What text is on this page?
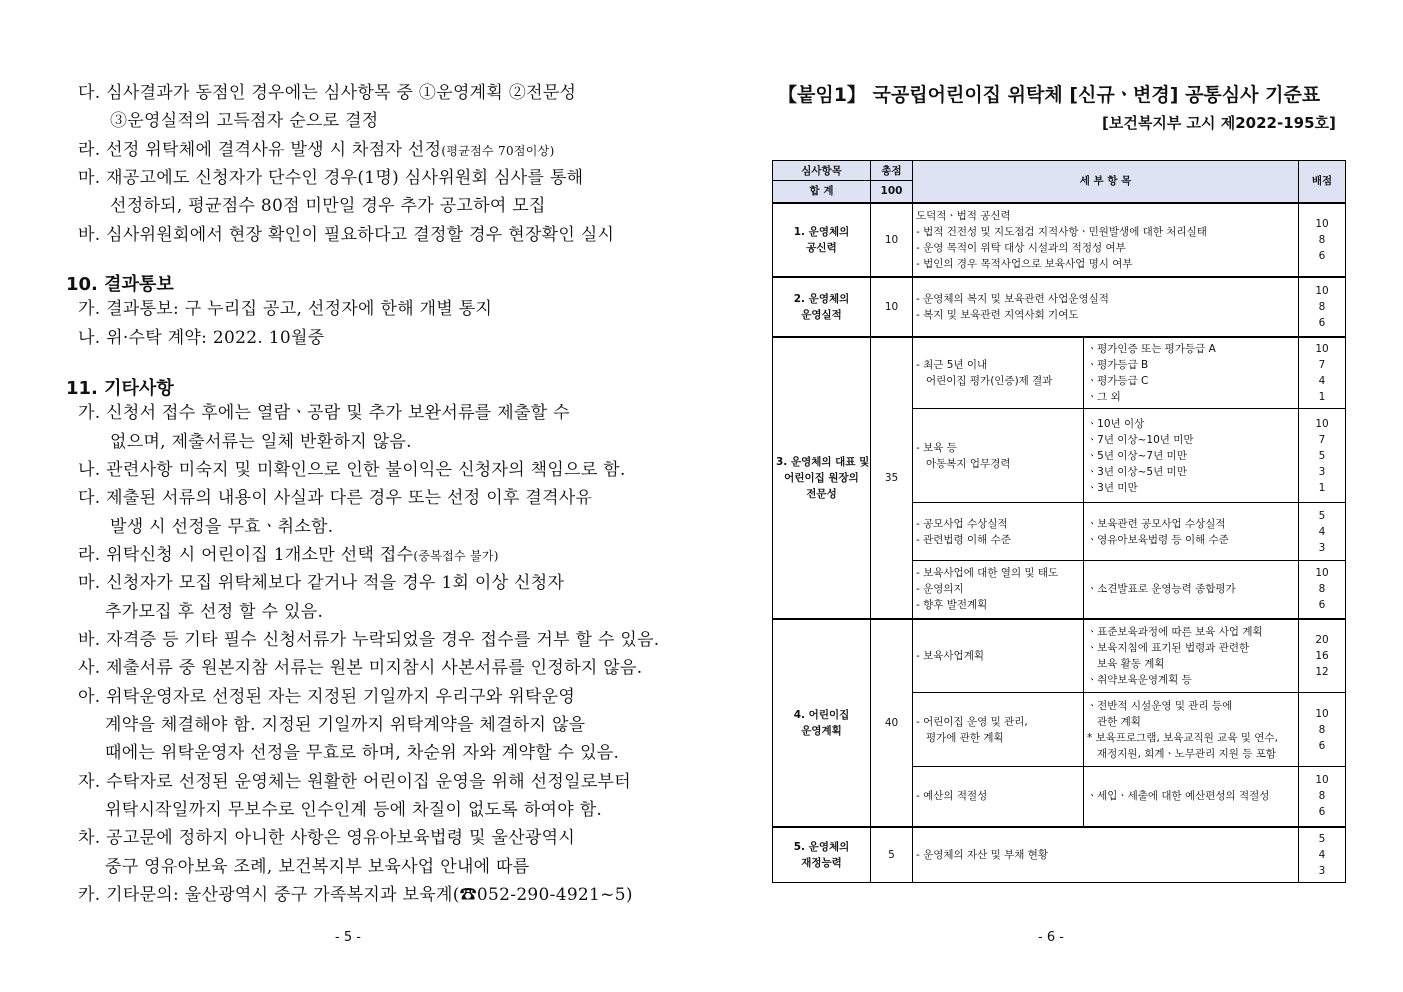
다. 심사결과가 동점인 경우에는 심사항목 중 ①운영계획 ②전문성
③운영실적의 고득점자 순으로 결정
라. 선정 위탁체에 결격사유 발생 시 차점자 선정(평균점수 70점이상)
마. 재공고에도 신청자가 단수인 경우(1명) 심사위원회 심사를 통해
선정하되, 평균점수 80점 미만일 경우 추가 공고하여 모집
바. 심사위원회에서 현장 확인이 필요하다고 결정할 경우 현장확인 실시
10. 결과통보
가. 결과통보: 구 누리집 공고, 선정자에 한해 개별 통지
나. 위·수탁 계약: 2022. 10월중
11. 기타사항
가. 신청서 접수 후에는 열람ㆍ공람 및 추가 보완서류를 제출할 수
없으며, 제출서류는 일체 반환하지 않음.
나. 관련사항 미숙지 및 미확인으로 인한 불이익은 신청자의 책임으로 함.
다. 제출된 서류의 내용이 사실과 다른 경우 또는 선정 이후 결격사유
발생 시 선정을 무효ㆍ취소함.
라. 위탁신청 시 어린이집 1개소만 선택 접수(중복접수 불가)
마. 신청자가 모집 위탁체보다 같거나 적을 경우 1회 이상 신청자
추가모집 후 선정 할 수 있음.
바. 자격증 등 기타 필수 신청서류가 누락되었을 경우 접수를 거부 할 수 있음.
사. 제출서류 중 원본지참 서류는 원본 미지참시 사본서류를 인정하지 않음.
아. 위탁운영자로 선정된 자는 지정된 기일까지 우리구와 위탁운영
계약을 체결해야 함. 지정된 기일까지 위탁계약을 체결하지 않을
때에는 위탁운영자 선정을 무효로 하며, 차순위 자와 계약할 수 있음.
자. 수탁자로 선정된 운영체는 원활한 어린이집 운영을 위해 선정일로부터
위탁시작일까지 무보수로 인수인계 등에 차질이 없도록 하여야 함.
차. 공고문에 정하지 아니한 사항은 영유아보육법령 및 울산광역시
중구 영유아보육 조례, 보건복지부 보육사업 안내에 따름
카. 기타문의: 울산광역시 중구 가족복지과 보육계(☎052-290-4921~5)
- 5 -
【붙임1】 국공립어린이집 위탁체 [신규ㆍ변경] 공통심사 기준표
[보건복지부 고시 제2022-195호]
심사항목	총점	세 부 항 목		배점
합 계	100			

1. 운영체의
공신력	10	도덕적ㆍ법적 공신력
- 법적 건전성 및 지도점검 지적사항ㆍ민원발생에 대한 처리실태
- 운영 목적이 위탁 대상 시설과의 적정성 여부
- 법인의 경우 목적사업으로 보육사업 명시 여부		10
8
6

2. 운영체의
운영실적	10	- 운영체의 복지 및 보육관련 사업운영실적
- 복지 및 보육관련 지역사회 기여도		10
8
6

3. 운영체의 대표 및
어린이집 원장의
전문성	35	- 최근 5년 이내
어린이집 평가(인증)제 결과	ㆍ평가인증 또는 평가등급 A
ㆍ평가등급 B
ㆍ평가등급 C
ㆍ그 외	10
7
4
1

		- 보육 등
아동복지 업무경력	ㆍ10년 이상
ㆍ7년 이상~10년 미만
ㆍ5년 이상~7년 미만
ㆍ3년 이상~5년 미만
ㆍ3년 미만	10
7
5
3
1

		- 공모사업 수상실적
- 관련법령 이해 수준	ㆍ보육관련 공모사업 수상실적
ㆍ영유아보육법령 등 이해 수준	5
4
3

		- 보육사업에 대한 열의 및 태도
- 운영의지
- 향후 발전계획	ㆍ소견발표로 운영능력 종합평가	10
8
6

4. 어린이집
운영계획	40	- 보육사업계획	ㆍ표준보육과정에 따른 보육 사업 계획
ㆍ보육지침에 표기된 법령과 관련한
보육 활동 계획
ㆍ취약보육운영계획 등	20
16
12

		- 어린이집 운영 및 관리,
평가에 관한 계획	ㆍ전반적 시설운영 및 관리 등에
관한 계획
* 보육프로그램, 보육교직원 교육 및 연수,
재정지원, 회계ㆍ노무관리 지원 등 포함	10
8
6

		- 예산의 적절성	ㆍ세입ㆍ세출에 대한 예산편성의 적절성	10
8
6

5. 운영체의
재정능력	5	- 운영체의 자산 및 부채 현황		5
4
3
- 6 -
